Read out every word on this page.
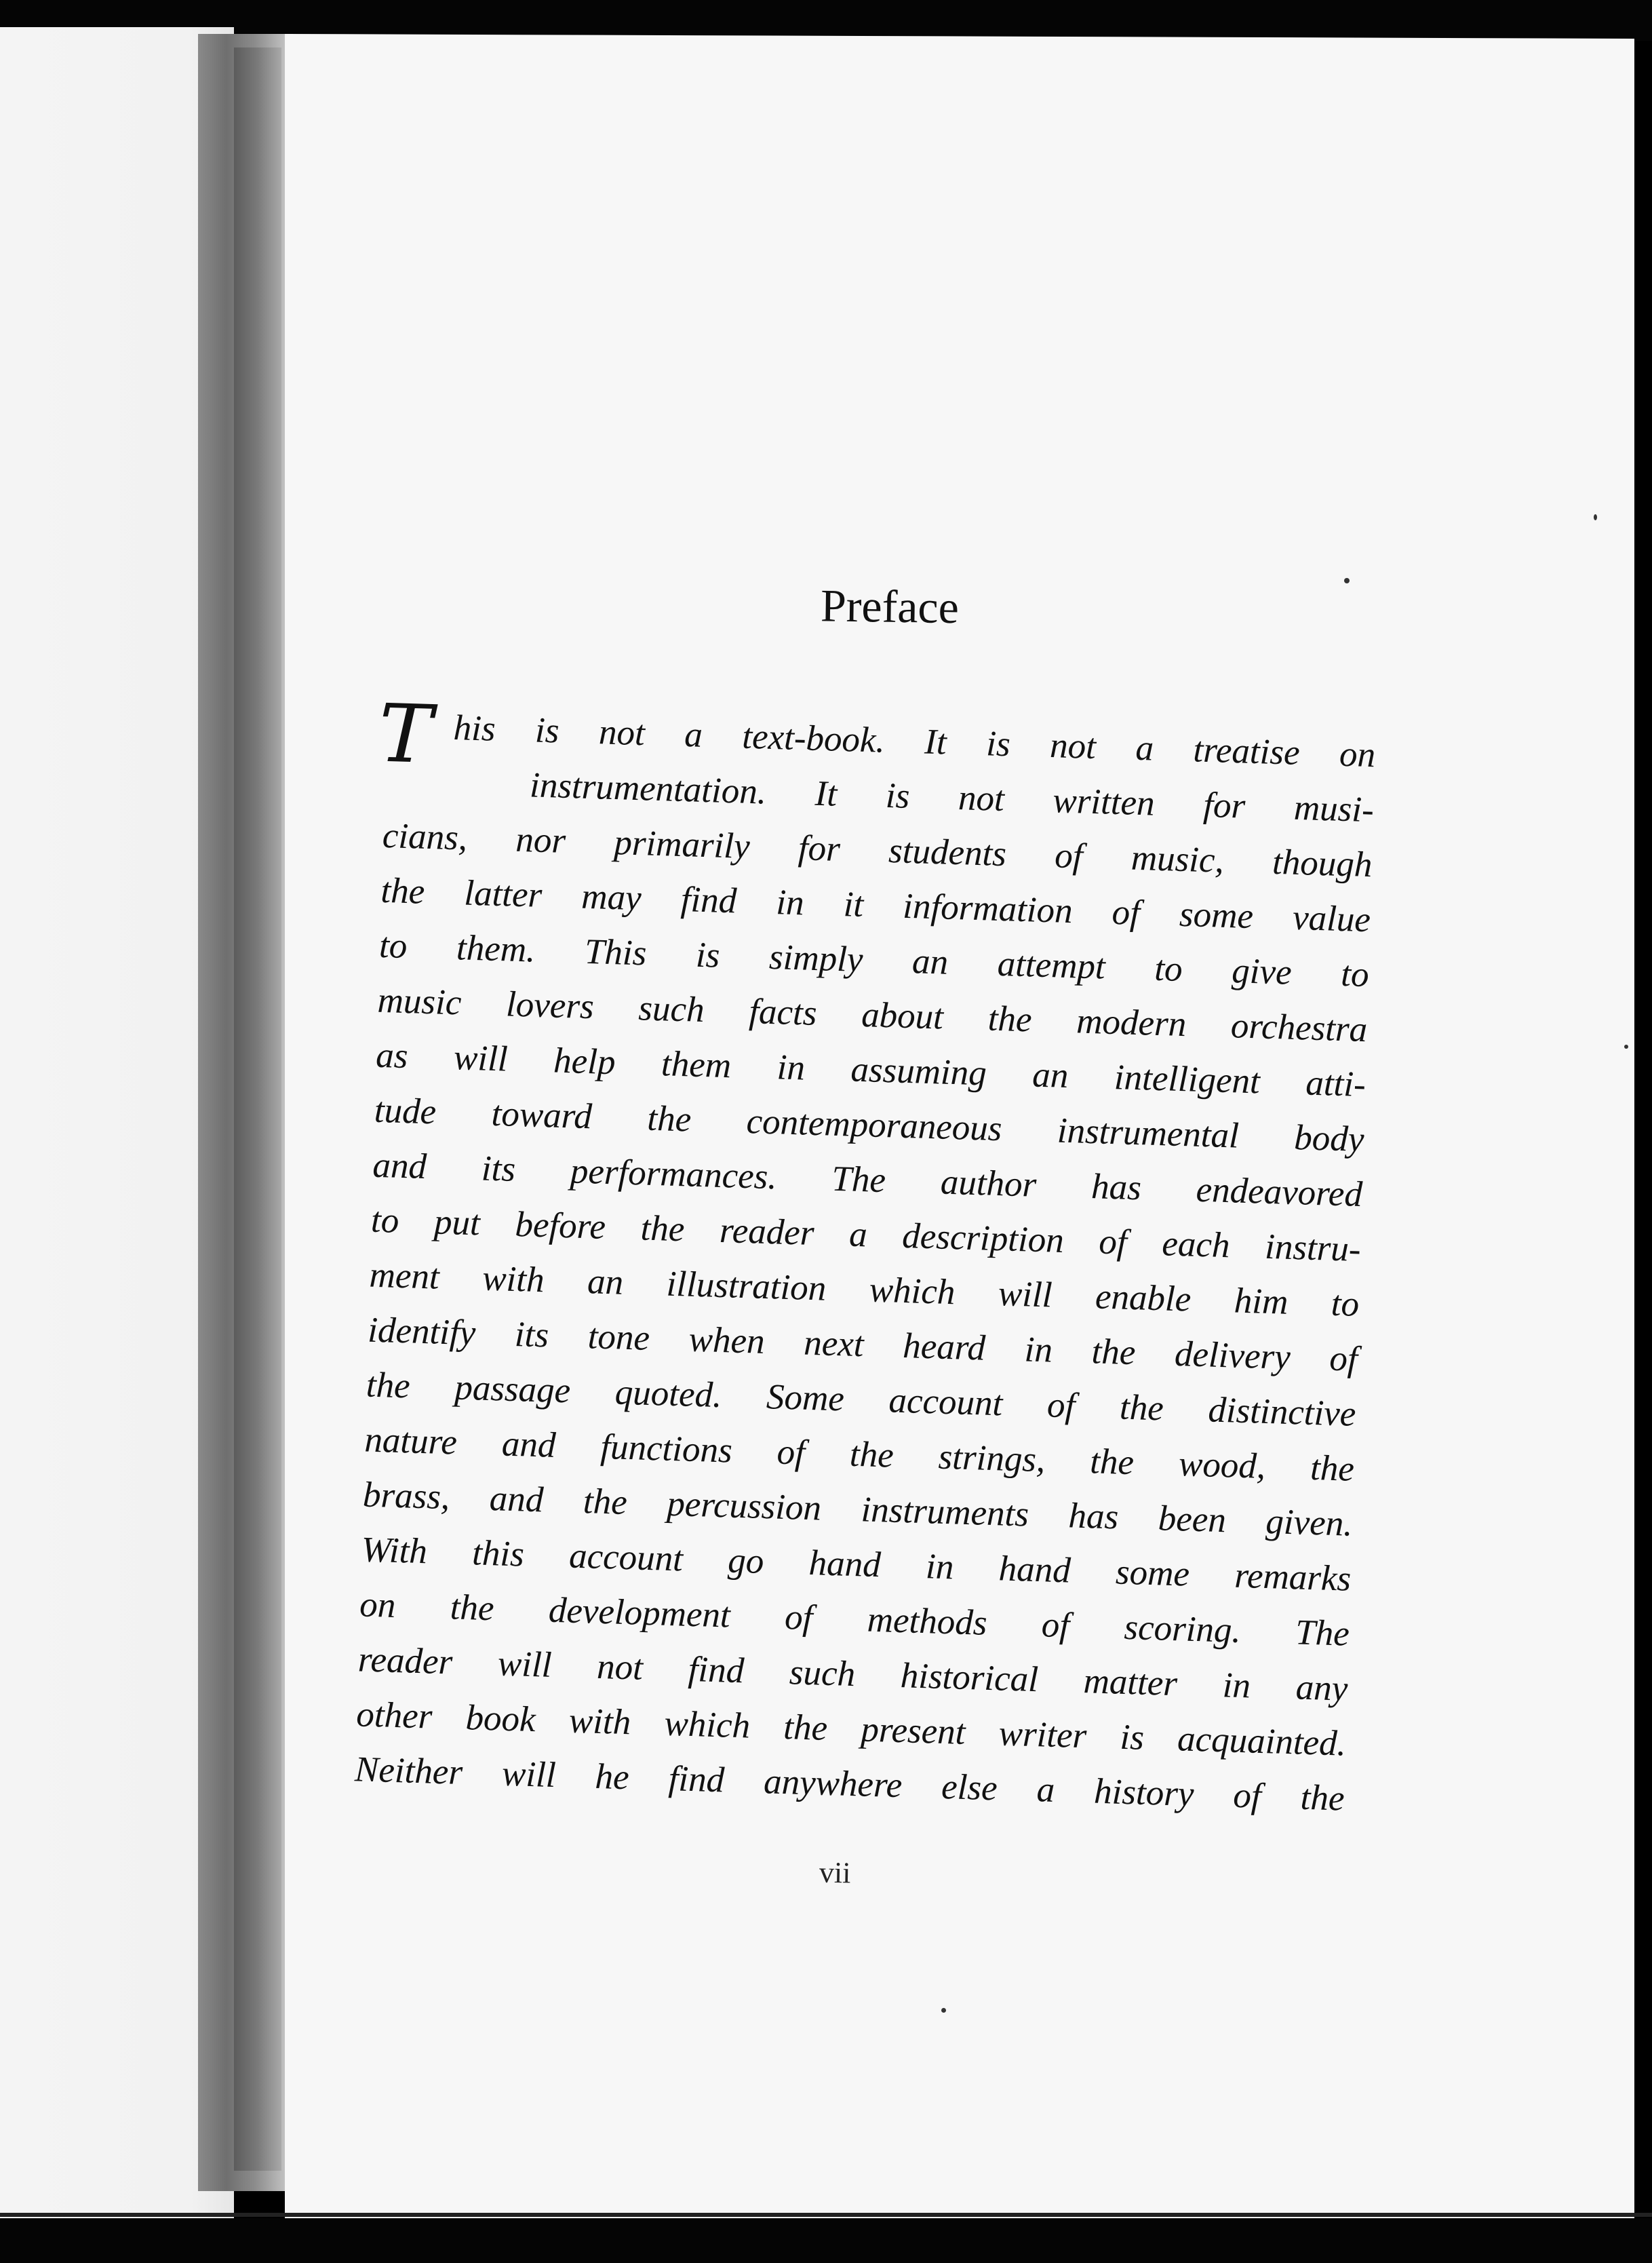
Preface
T his is not a text-book. It is not a treatise on
instrumentation. It is not written for musi-
cians, nor primarily for students of music, though
the latter may find in it information of some value
to them. This is simply an attempt to give to
music lovers such facts about the modern orchestra
as will help them in assuming an intelligent atti-
tude toward the contemporaneous instrumental body
and its performances. The author has endeavored
to put before the reader a description of each instru-
ment with an illustration which will enable him to
identify its tone when next heard in the delivery of
the passage quoted. Some account of the distinctive
nature and functions of the strings, the wood, the
brass, and the percussion instruments has been given.
With this account go hand in hand some remarks
on the development of methods of scoring. The
reader will not find such historical matter in any
other book with which the present writer is acquainted.
Neither will he find anywhere else a history of the
vii
